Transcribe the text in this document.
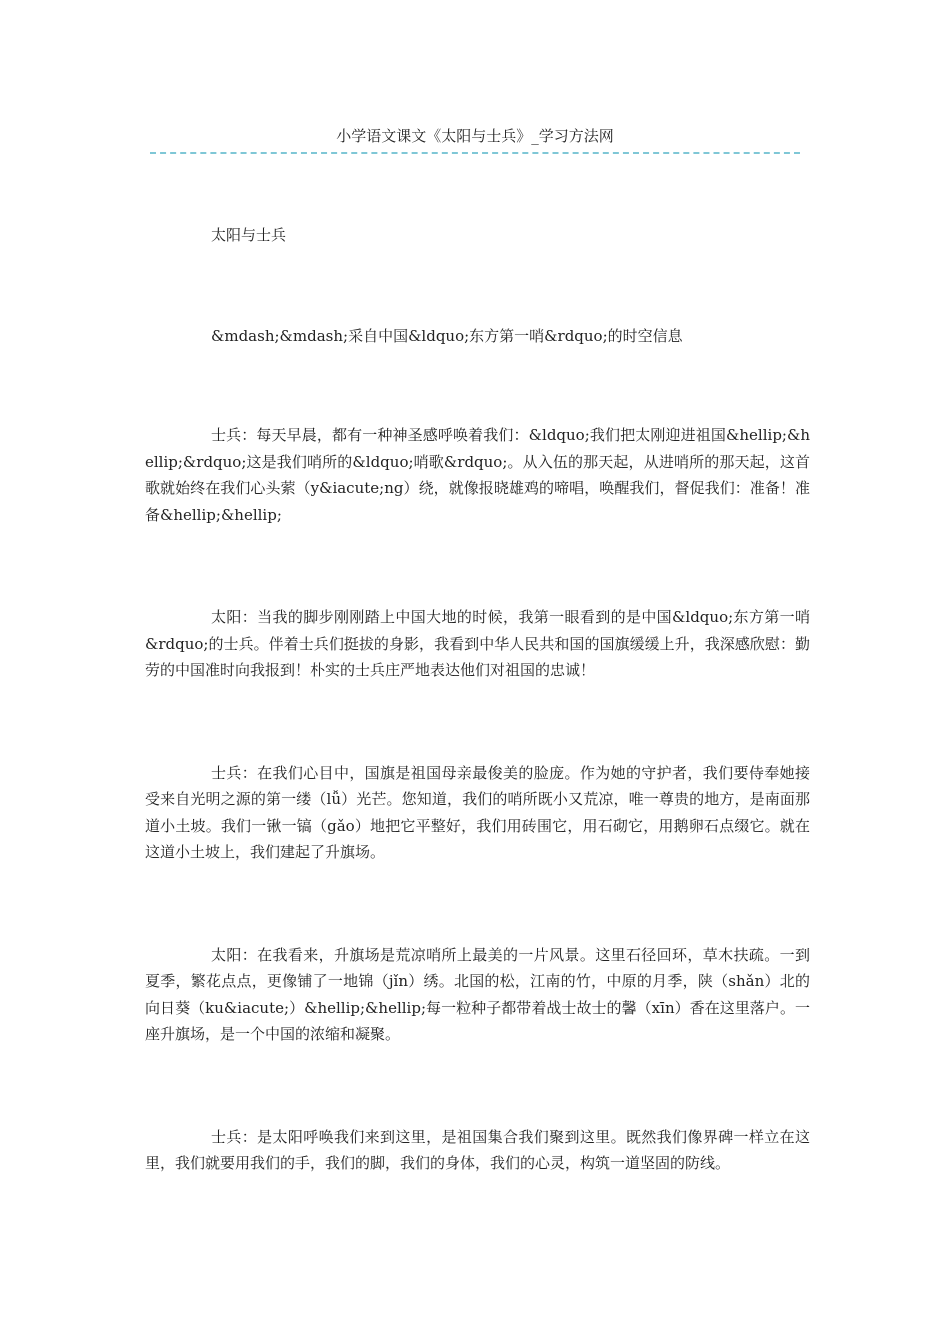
小学语文课文《太阳与士兵》_学习方法网
太阳与士兵
&mdash;&mdash;采自中国&ldquo;东方第一哨&rdquo;的时空信息

士兵：每天早晨，都有一种神圣感呼唤着我们：&ldquo;我们把太刚迎进祖国&hellip;&hellip;&rdquo;这是我们哨所的&ldquo;哨歌&rdquo;。从入伍的那天起，从进哨所的那天起，这首歌就始终在我们心头萦（y&iacute;ng）绕，就像报晓雄鸡的啼唱，唤醒我们，督促我们：准备！准备&hellip;&hellip;

太阳：当我的脚步刚刚踏上中国大地的时候，我第一眼看到的是中国&ldquo;东方第一哨&rdquo;的士兵。伴着士兵们挺拔的身影，我看到中华人民共和国的国旗缓缓上升，我深感欣慰：勤劳的中国准时向我报到！朴实的士兵庄严地表达他们对祖国的忠诚！

士兵：在我们心目中，国旗是祖国母亲最俊美的脸庞。作为她的守护者，我们要侍奉她接受来自光明之源的第一缕（lǚ）光芒。您知道，我们的哨所既小又荒凉，唯一尊贵的地方，是南面那道小土坡。我们一锹一镐（gǎo）地把它平整好，我们用砖围它，用石砌它，用鹅卵石点缀它。就在这道小土坡上，我们建起了升旗场。

太阳：在我看来，升旗场是荒凉哨所上最美的一片风景。这里石径回环，草木扶疏。一到夏季，繁花点点，更像铺了一地锦（jǐn）绣。北国的松，江南的竹，中原的月季，陕（shǎn）北的向日葵（ku&iacute;）&hellip;&hellip;每一粒种子都带着战士故士的馨（xīn）香在这里落户。一座升旗场，是一个中国的浓缩和凝聚。

士兵：是太阳呼唤我们来到这里，是祖国集合我们聚到这里。既然我们像界碑一样立在这里，我们就要用我们的手，我们的脚，我们的身体，我们的心灵，构筑一道坚固的防线。
